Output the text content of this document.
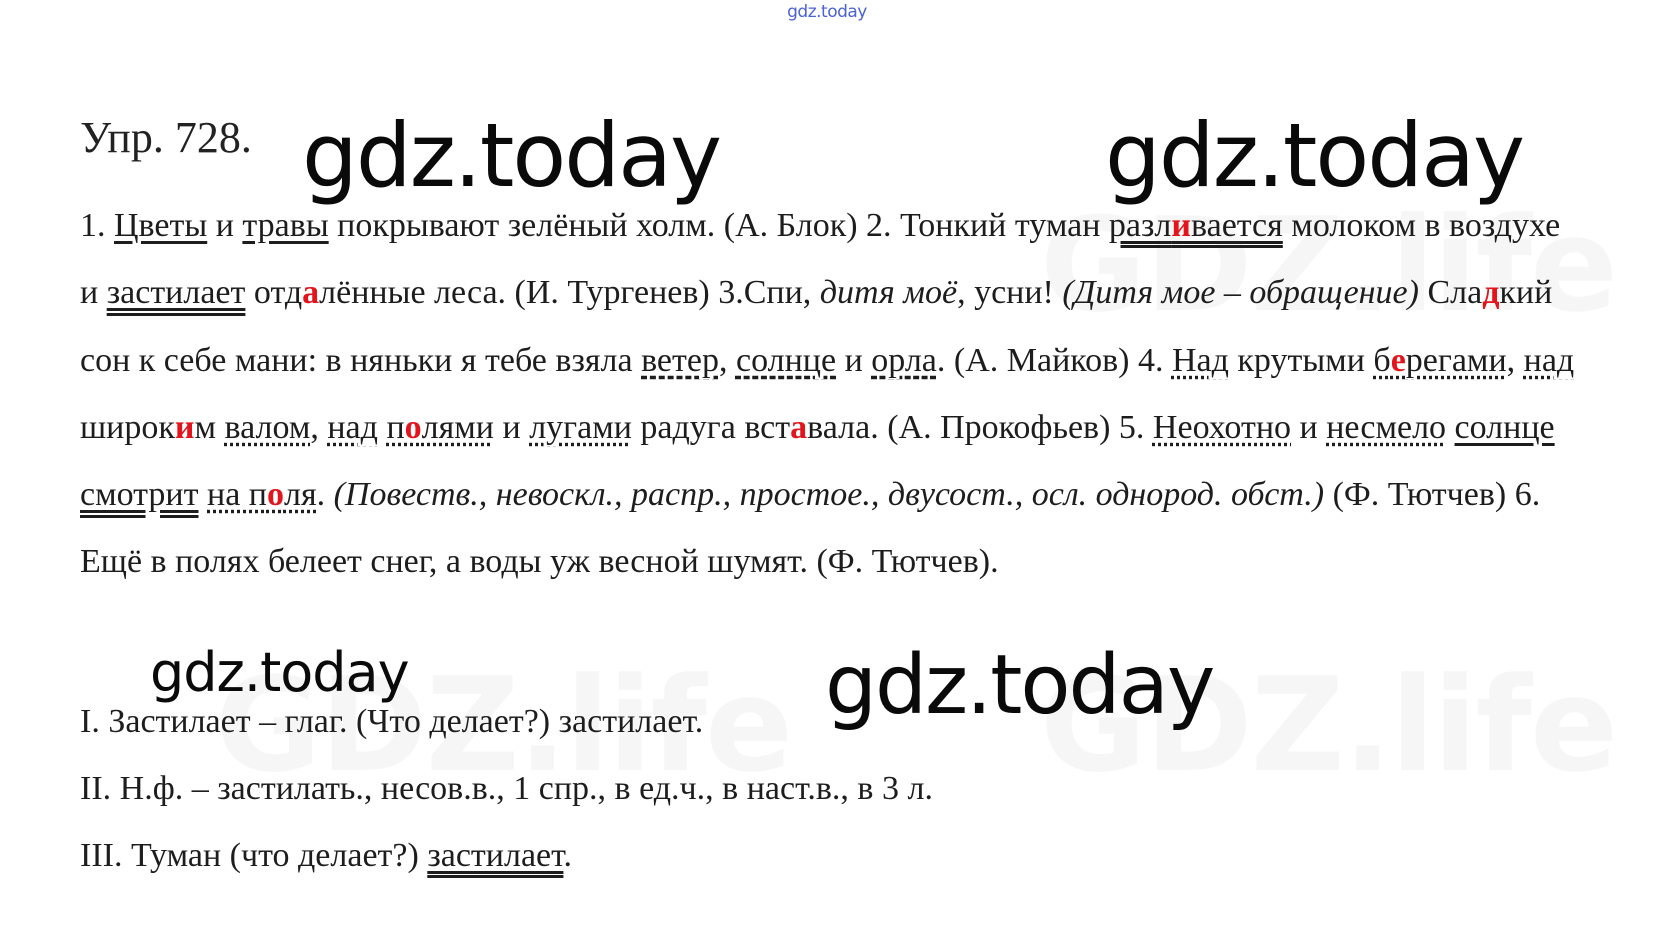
gdz.today
Упр. 728. gdz.today	gdz.today

1. Цветы и травы покрывают зелёный холм. (А. Блок) 2. Тонкий туман разливается молоком в воздухе и застилает отдалённые леса. (И. Тургенев) 3.Спи, дитя моё, усни! (Дитя мое – обращение) Сладкий сон к себе мани: в няньки я тебе взяла ветер, солнце и орла. (А. Майков) 4. Над крутыми берегами, над широким валом, над полями и лугами радуга вставала. (А. Прокофьев) 5. Неохотно и несмело солнце смотрит на поля. (Повеств., невоскл., распр., простое., двусост., осл. однород. обст.) (Ф. Тютчев) 6. Ещё в полях белеет снег, а воды уж весной шумят. (Ф. Тютчев).

gdz.today	gdz.today

I. Застилает – глаг. (Что делает?) застилает.

II. Н.ф. – застилать., несов.в., 1 спр., в ед.ч., в наст.в., в 3 л.

III. Туман (что делает?) застилает.
